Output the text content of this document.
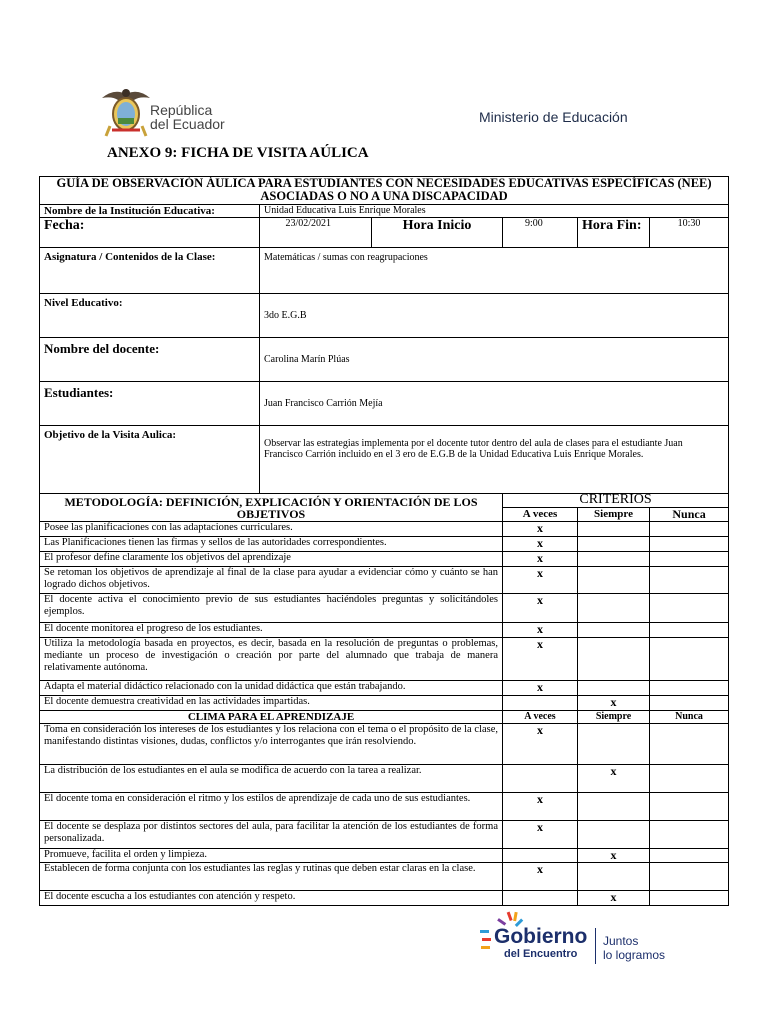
República
del Ecuador	Ministerio de Educación
ANEXO 9: FICHA DE VISITA AÚLICA
GUÍA DE OBSERVACIÓN ÁULICA PARA ESTUDIANTES CON NECESIDADES EDUCATIVAS ESPECÍFICAS (NEE) ASOCIADAS O NO A UNA DISCAPACIDAD					
Nombre de la Institución Educativa:	Unidad Educativa Luis Enrique Morales				
Fecha:	23/02/2021	Hora Inicio	9:00	Hora Fin:	10:30
Asignatura / Contenidos de la Clase:	Matemáticas / sumas con reagrupaciones				
Nivel Educativo:	3do E.G.B				
Nombre del docente:	Carolina Marín Plúas				
Estudiantes:	Juan Francisco Carrión Mejía				
Objetivo de la Visita Aulica:	Observar las estrategias implementa por el docente tutor dentro del aula de clases para el estudiante Juan Francisco Carrión incluido en el 3 ero de E.G.B de la Unidad Educativa Luis Enrique Morales.				
METODOLOGÍA: DEFINICIÓN, EXPLICACIÓN Y ORIENTACIÓN DE LOS OBJETIVOS			CRITERIOS		
			A veces	Siempre	Nunca
Posee las planificaciones con las adaptaciones curriculares.			x		
Las Planificaciones tienen las firmas y sellos de las autoridades correspondientes.			x		
El profesor define claramente los objetivos del aprendizaje			x		
Se retoman los objetivos de aprendizaje al final de la clase para ayudar a evidenciar cómo y cuánto se han logrado dichos objetivos.			x		
El docente activa el conocimiento previo de sus estudiantes haciéndoles preguntas y solicitándoles ejemplos.			x		
El docente monitorea el progreso de los estudiantes.			x		
Utiliza la metodología basada en proyectos, es decir, basada en la resolución de preguntas o problemas, mediante un proceso de investigación o creación por parte del alumnado que trabaja de manera relativamente autónoma.			x		
Adapta el material didáctico relacionado con la unidad didáctica que están trabajando.			x		
El docente demuestra creatividad en las actividades impartidas.				x	
CLIMA PARA EL APRENDIZAJE			A veces	Siempre	Nunca
Toma en consideración los intereses de los estudiantes y los relaciona con el tema o el propósito de la clase, manifestando distintas visiones, dudas, conflictos y/o interrogantes que irán resolviendo.			x		
La distribución de los estudiantes en el aula se modifica de acuerdo con la tarea a realizar.				x	
El docente toma en consideración el ritmo y los estilos de aprendizaje de cada uno de sus estudiantes.			x		
El docente se desplaza por distintos sectores del aula, para facilitar la atención de los estudiantes de forma personalizada.			x		
Promueve, facilita el orden y limpieza.				x	
Establecen de forma conjunta con los estudiantes las reglas y rutinas que deben estar claras en la clase.			x		
El docente escucha a los estudiantes con atención y respeto.				x	
Gobierno
del Encuentro
Juntos
lo logramos
